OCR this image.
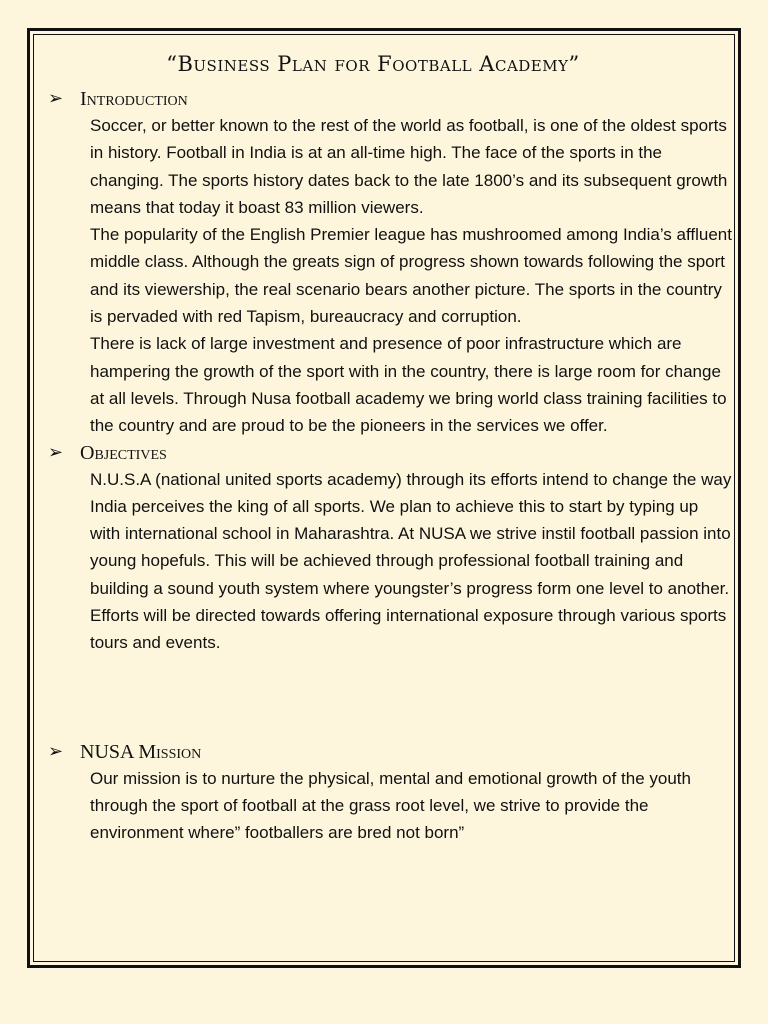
“Business Plan for Football Academy”
➢ Introduction

Soccer, or better known to the rest of the world as football, is one of the oldest sports in history. Football in India is at an all-time high. The face of the sports in the changing. The sports history dates back to the late 1800’s and its subsequent growth means that today it boast 83 million viewers.

The popularity of the English Premier league has mushroomed among India’s affluent middle class. Although the greats sign of progress shown towards following the sport and its viewership, the real scenario bears another picture. The sports in the country is pervaded with red Tapism, bureaucracy and corruption.

There is lack of large investment and presence of poor infrastructure which are hampering the growth of the sport with in the country, there is large room for change at all levels. Through Nusa football academy we bring world class training facilities to the country and are proud to be the pioneers in the services we offer.

➢ Objectives

N.U.S.A (national united sports academy) through its efforts intend to change the way India perceives the king of all sports. We plan to achieve this to start by typing up with international school in Maharashtra. At NUSA we strive instil football passion into young hopefuls. This will be achieved through professional football training and building a sound youth system where youngster’s progress form one level to another. Efforts will be directed towards offering international exposure through various sports tours and events.

➢ NUSA Mission

Our mission is to nurture the physical, mental and emotional growth of the youth through the sport of football at the grass root level, we strive to provide the environment where” footballers are bred not born”
